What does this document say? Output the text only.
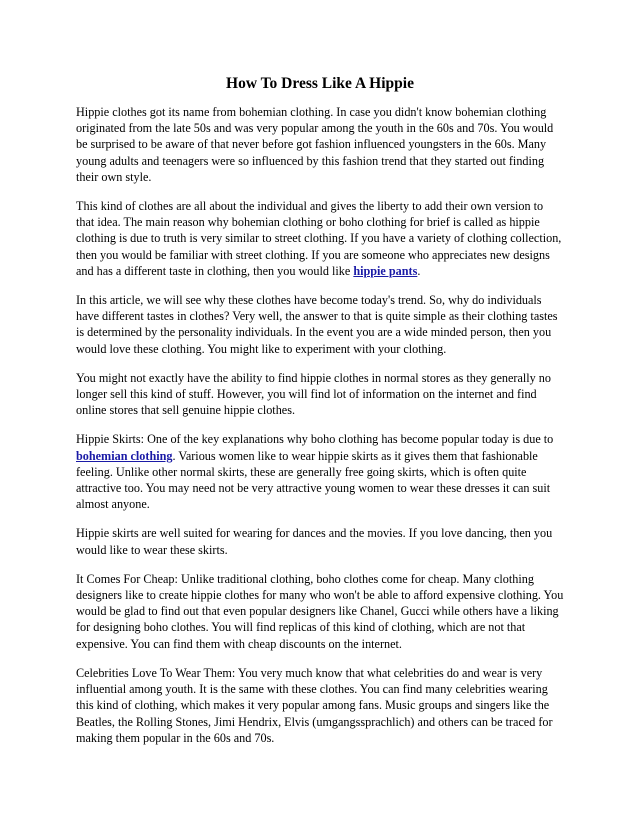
How To Dress Like A Hippie

Hippie clothes got its name from bohemian clothing. In case you didn't know bohemian clothing originated from the late 50s and was very popular among the youth in the 60s and 70s. You would be surprised to be aware of that never before got fashion influenced youngsters in the 60s. Many young adults and teenagers were so influenced by this fashion trend that they started out finding their own style.

This kind of clothes are all about the individual and gives the liberty to add their own version to that idea. The main reason why bohemian clothing or boho clothing for brief is called as hippie clothing is due to truth is very similar to street clothing. If you have a variety of clothing collection, then you would be familiar with street clothing. If you are someone who appreciates new designs and has a different taste in clothing, then you would like hippie pants.

In this article, we will see why these clothes have become today's trend. So, why do individuals have different tastes in clothes? Very well, the answer to that is quite simple as their clothing tastes is determined by the personality individuals. In the event you are a wide minded person, then you would love these clothing. You might like to experiment with your clothing.

You might not exactly have the ability to find hippie clothes in normal stores as they generally no longer sell this kind of stuff. However, you will find lot of information on the internet and find online stores that sell genuine hippie clothes.

Hippie Skirts: One of the key explanations why boho clothing has become popular today is due to bohemian clothing. Various women like to wear hippie skirts as it gives them that fashionable feeling. Unlike other normal skirts, these are generally free going skirts, which is often quite attractive too. You may need not be very attractive young women to wear these dresses it can suit almost anyone.

Hippie skirts are well suited for wearing for dances and the movies. If you love dancing, then you would like to wear these skirts.

It Comes For Cheap: Unlike traditional clothing, boho clothes come for cheap. Many clothing designers like to create hippie clothes for many who won't be able to afford expensive clothing. You would be glad to find out that even popular designers like Chanel, Gucci while others have a liking for designing boho clothes. You will find replicas of this kind of clothing, which are not that expensive. You can find them with cheap discounts on the internet.

Celebrities Love To Wear Them: You very much know that what celebrities do and wear is very influential among youth. It is the same with these clothes. You can find many celebrities wearing this kind of clothing, which makes it very popular among fans. Music groups and singers like the Beatles, the Rolling Stones, Jimi Hendrix, Elvis (umgangssprachlich) and others can be traced for making them popular in the 60s and 70s.
